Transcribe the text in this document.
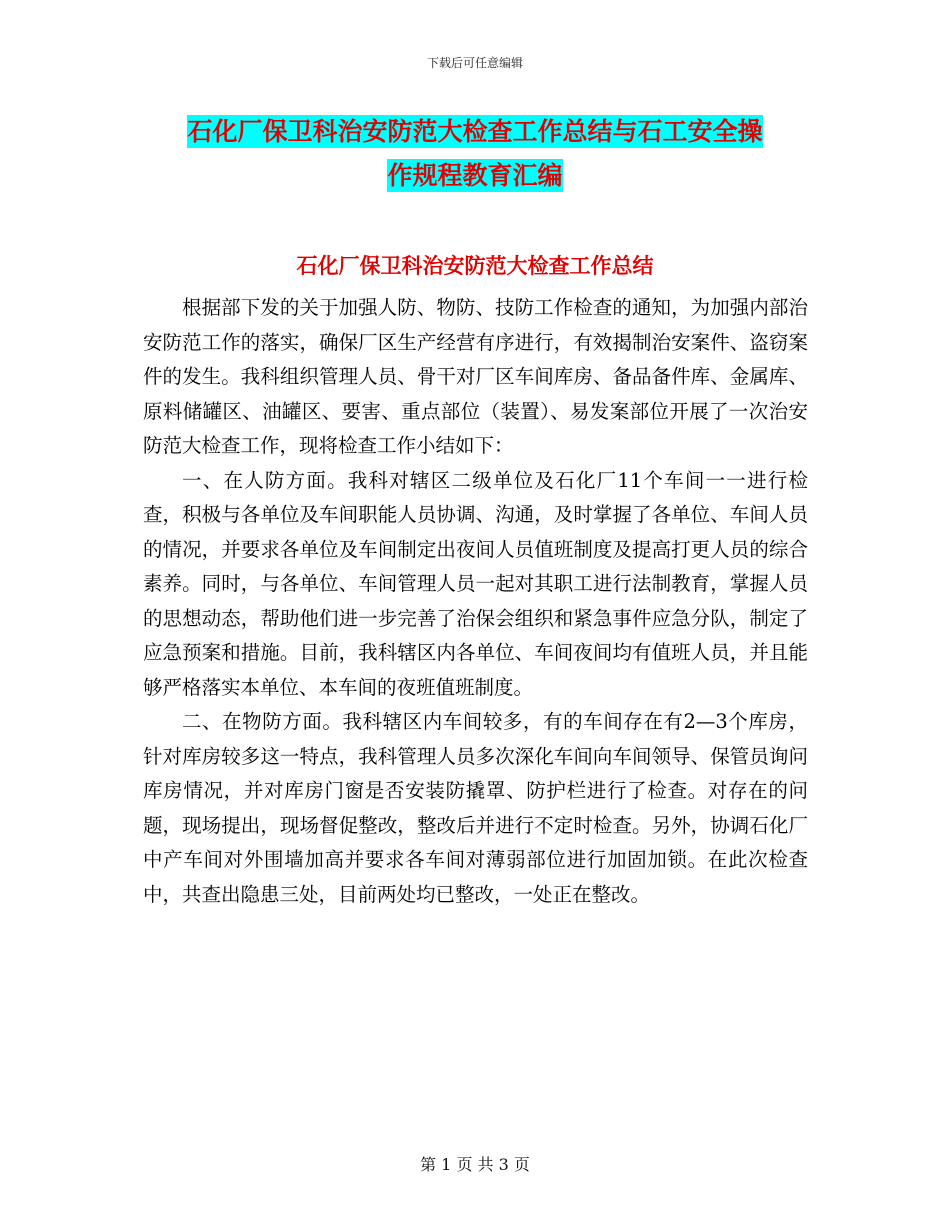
下载后可任意编辑
石化厂保卫科治安防范大检查工作总结与石工安全操
作规程教育汇编
石化厂保卫科治安防范大检查工作总结

根据部下发的关于加强人防、物防、技防工作检查的通知，为加强内部治安防范工作的落实，确保厂区生产经营有序进行，有效揭制治安案件、盗窃案件的发生。我科组织管理人员、骨干对厂区车间库房、备品备件库、金属库、原料储罐区、油罐区、要害、重点部位（装置）、易发案部位开展了一次治安防范大检查工作，现将检查工作小结如下：

一、在人防方面。我科对辖区二级单位及石化厂11个车间一一进行检查，积极与各单位及车间职能人员协调、沟通，及时掌握了各单位、车间人员的情况，并要求各单位及车间制定出夜间人员值班制度及提高打更人员的综合素养。同时，与各单位、车间管理人员一起对其职工进行法制教育，掌握人员的思想动态，帮助他们进一步完善了治保会组织和紧急事件应急分队，制定了应急预案和措施。目前，我科辖区内各单位、车间夜间均有值班人员，并且能够严格落实本单位、本车间的夜班值班制度。

二、在物防方面。我科辖区内车间较多，有的车间存在有2—3个库房，针对库房较多这一特点，我科管理人员多次深化车间向车间领导、保管员询问库房情况，并对库房门窗是否安装防撬罩、防护栏进行了检查。对存在的问题，现场提出，现场督促整改，整改后并进行不定时检查。另外，协调石化厂中产车间对外围墙加高并要求各车间对薄弱部位进行加固加锁。在此次检查中，共查出隐患三处，目前两处均已整改，一处正在整改。

第 1 页 共 3 页
